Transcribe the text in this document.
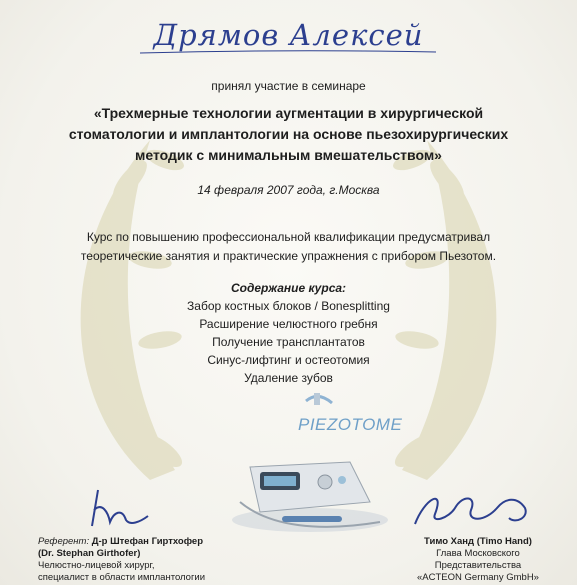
Дрямов Алексей
принял участие в семинаре
«Трехмерные технологии аугментации в хирургической
стоматологии и имплантологии на основе пьезохирургических
методик с минимальным вмешательством»
14 февраля 2007 года, г.Москва
Курс по повышению профессиональной квалификации предусматривал
теоретические занятия и практические упражнения с прибором Пьезотом.
Содержание курса:
Забор костных блоков / Bonesplitting
Расширение челюстного гребня
Получение трансплантатов
Синус-лифтинг и остеотомия
Удаление зубов
PIEZOTOME
Референт: Д-р Штефан Гиртхофер
(Dr. Stephan Girthofer)
Челюстно-лицевой хирург,
специалист в области имплантологии
Тимо Ханд (Timo Hand)
Глава Московского Представительства
«ACTEON Germany GmbH»
